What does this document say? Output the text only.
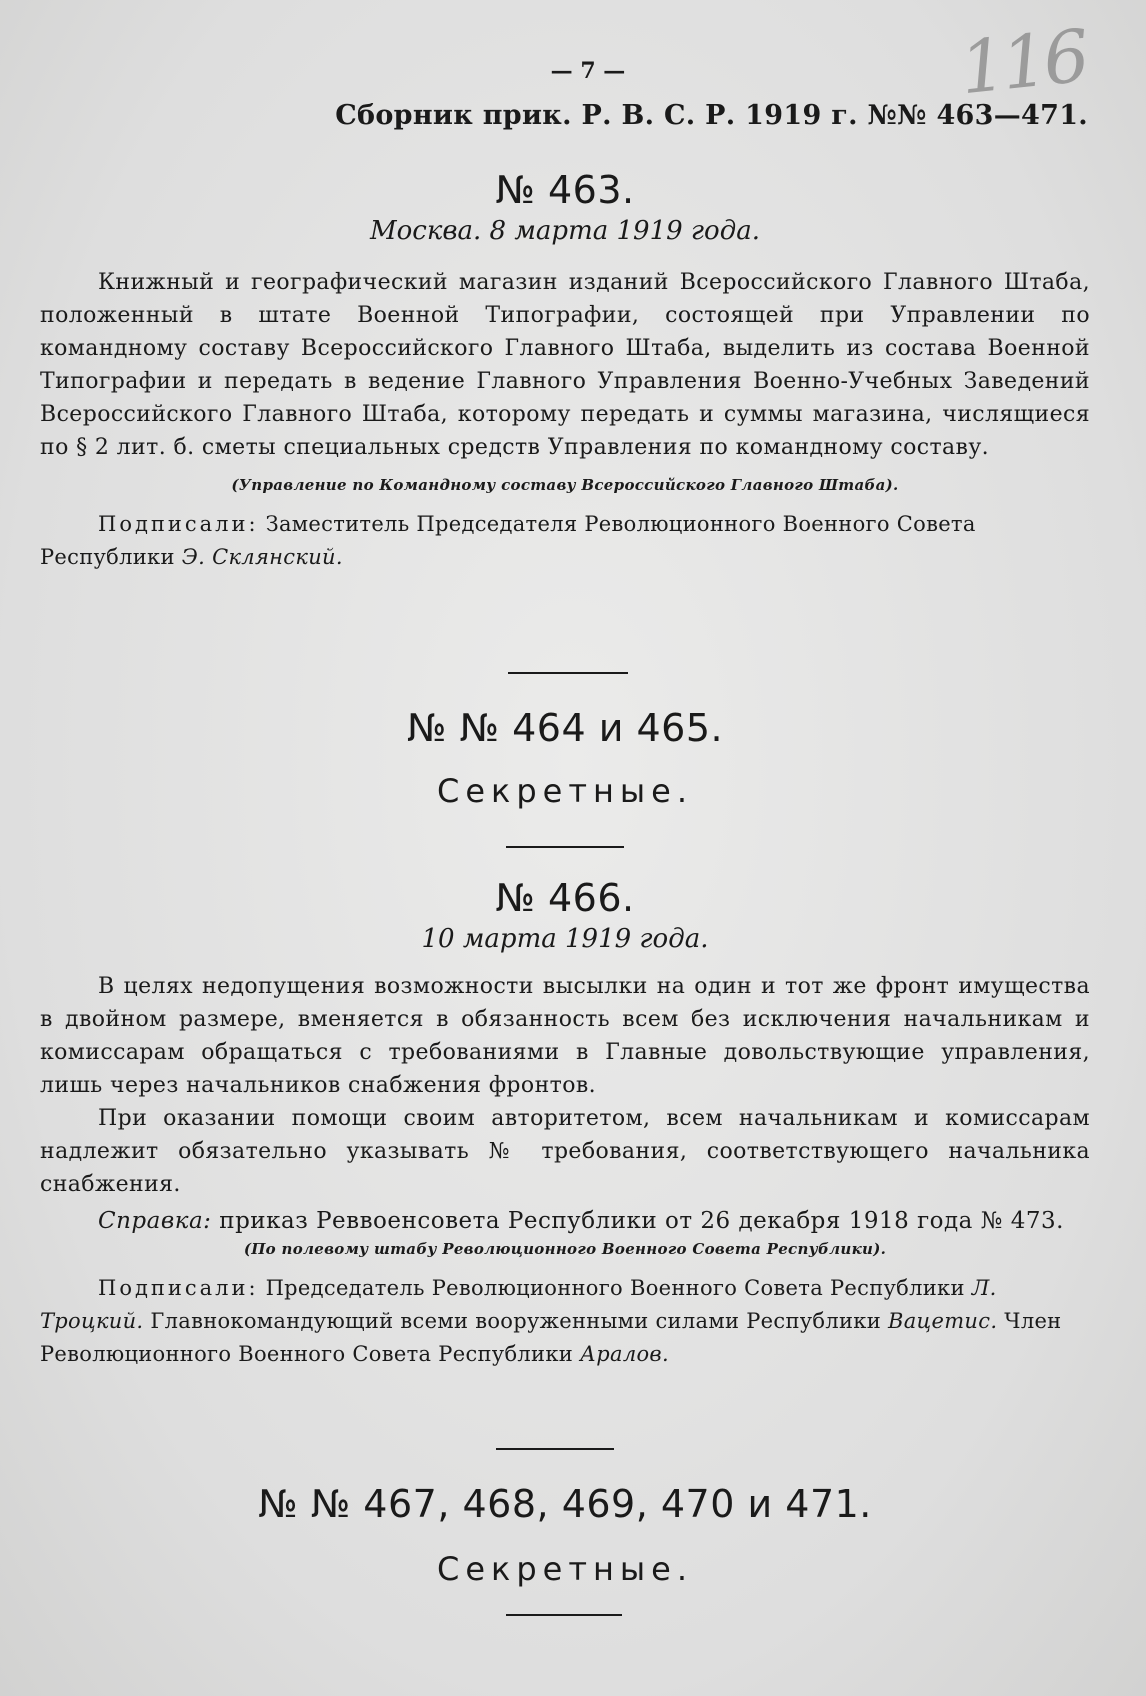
116
— 7 —
Сборник прик. Р. В. С. Р. 1919 г. №№ 463—471.
№ 463.
Москва. 8 марта 1919 года.
Книжный и географический магазин изданий Всероссийского Главного Штаба, положенный в штате Военной Типографии, состоящей при Управлении по командному составу Всероссийского Главного Штаба, выделить из состава Военной Типографии и передать в ведение Главного Управления Военно-Учебных Заведений Всероссийского Главного Штаба, которому передать и суммы магазина, числящиеся по § 2 лит. б. сметы специальных средств Управления по командному составу.
(Управление по Командному составу Всероссийского Главного Штаба).
Подписали: Заместитель Председателя Революционного Военного Совета Республики Э. Склянский.
№ № 464 и 465.
Секретные.
№ 466.
10 марта 1919 года.
В целях недопущения возможности высылки на один и тот же фронт имущества в двойном размере, вменяется в обязанность всем без исключения начальникам и комиссарам обращаться с требованиями в Главные довольствующие управления, лишь через начальников снабжения фронтов.
При оказании помощи своим авторитетом, всем начальникам и комиссарам надлежит обязательно указывать № требования, соответствующего начальника снабжения.
Справка: приказ Реввоенсовета Республики от 26 декабря 1918 года № 473.
(По полевому штабу Революционного Военного Совета Республики).
Подписали: Председатель Революционного Военного Совета Республики Л. Троцкий. Главнокомандующий всеми вооруженными силами Республики Вацетис. Член Революционного Военного Совета Республики Аралов.
№ № 467, 468, 469, 470 и 471.
Секретные.
